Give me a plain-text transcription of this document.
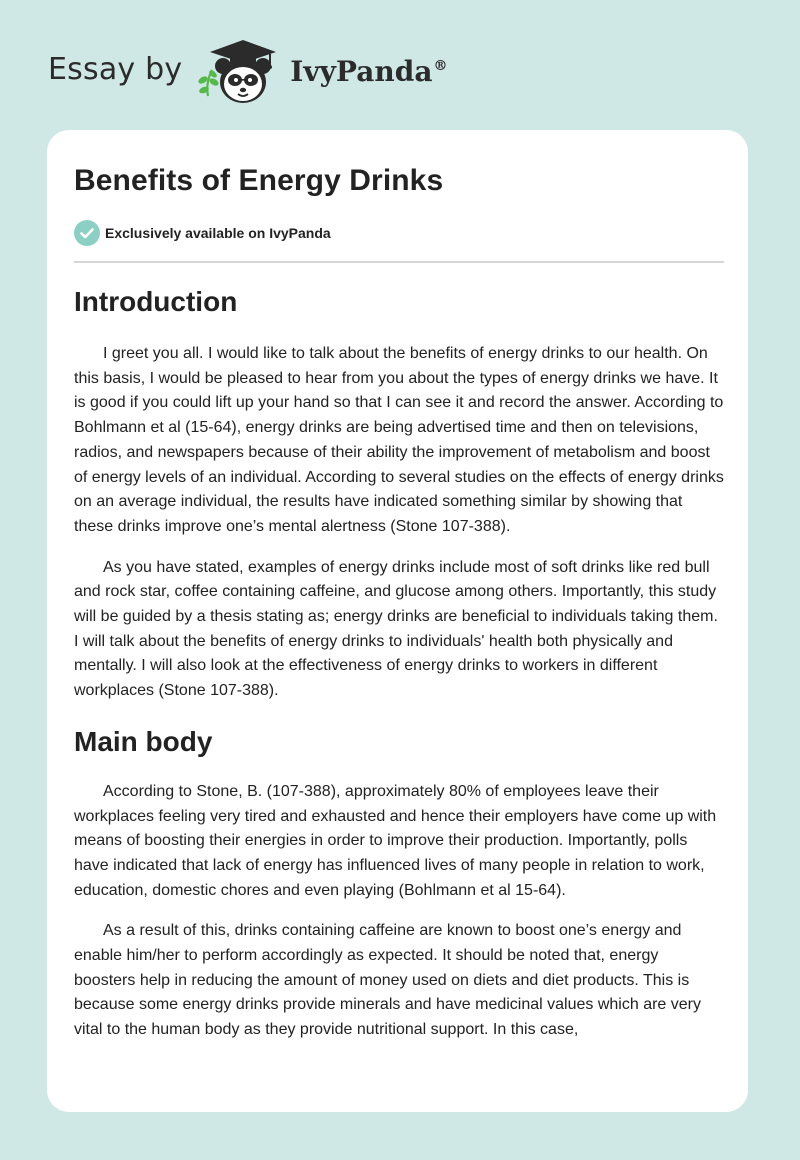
Essay by	IvyPanda®
Benefits of Energy Drinks
Exclusively available on IvyPanda
Introduction

I greet you all. I would like to talk about the benefits of energy drinks to our health. On this basis, I would be pleased to hear from you about the types of energy drinks we have. It is good if you could lift up your hand so that I can see it and record the answer. According to Bohlmann et al (15-64), energy drinks are being advertised time and then on televisions, radios, and newspapers because of their ability the improvement of metabolism and boost of energy levels of an individual. According to several studies on the effects of energy drinks on an average individual, the results have indicated something similar by showing that these drinks improve one’s mental alertness (Stone 107-388).

As you have stated, examples of energy drinks include most of soft drinks like red bull and rock star, coffee containing caffeine, and glucose among others. Importantly, this study will be guided by a thesis stating as; energy drinks are beneficial to individuals taking them. I will talk about the benefits of energy drinks to individuals' health both physically and mentally. I will also look at the effectiveness of energy drinks to workers in different workplaces (Stone 107-388).

Main body

According to Stone, B. (107-388), approximately 80% of employees leave their workplaces feeling very tired and exhausted and hence their employers have come up with means of boosting their energies in order to improve their production. Importantly, polls have indicated that lack of energy has influenced lives of many people in relation to work, education, domestic chores and even playing (Bohlmann et al 15-64).

As a result of this, drinks containing caffeine are known to boost one’s energy and enable him/her to perform accordingly as expected. It should be noted that, energy boosters help in reducing the amount of money used on diets and diet products. This is because some energy drinks provide minerals and have medicinal values which are very vital to the human body as they provide nutritional support. In this case,
